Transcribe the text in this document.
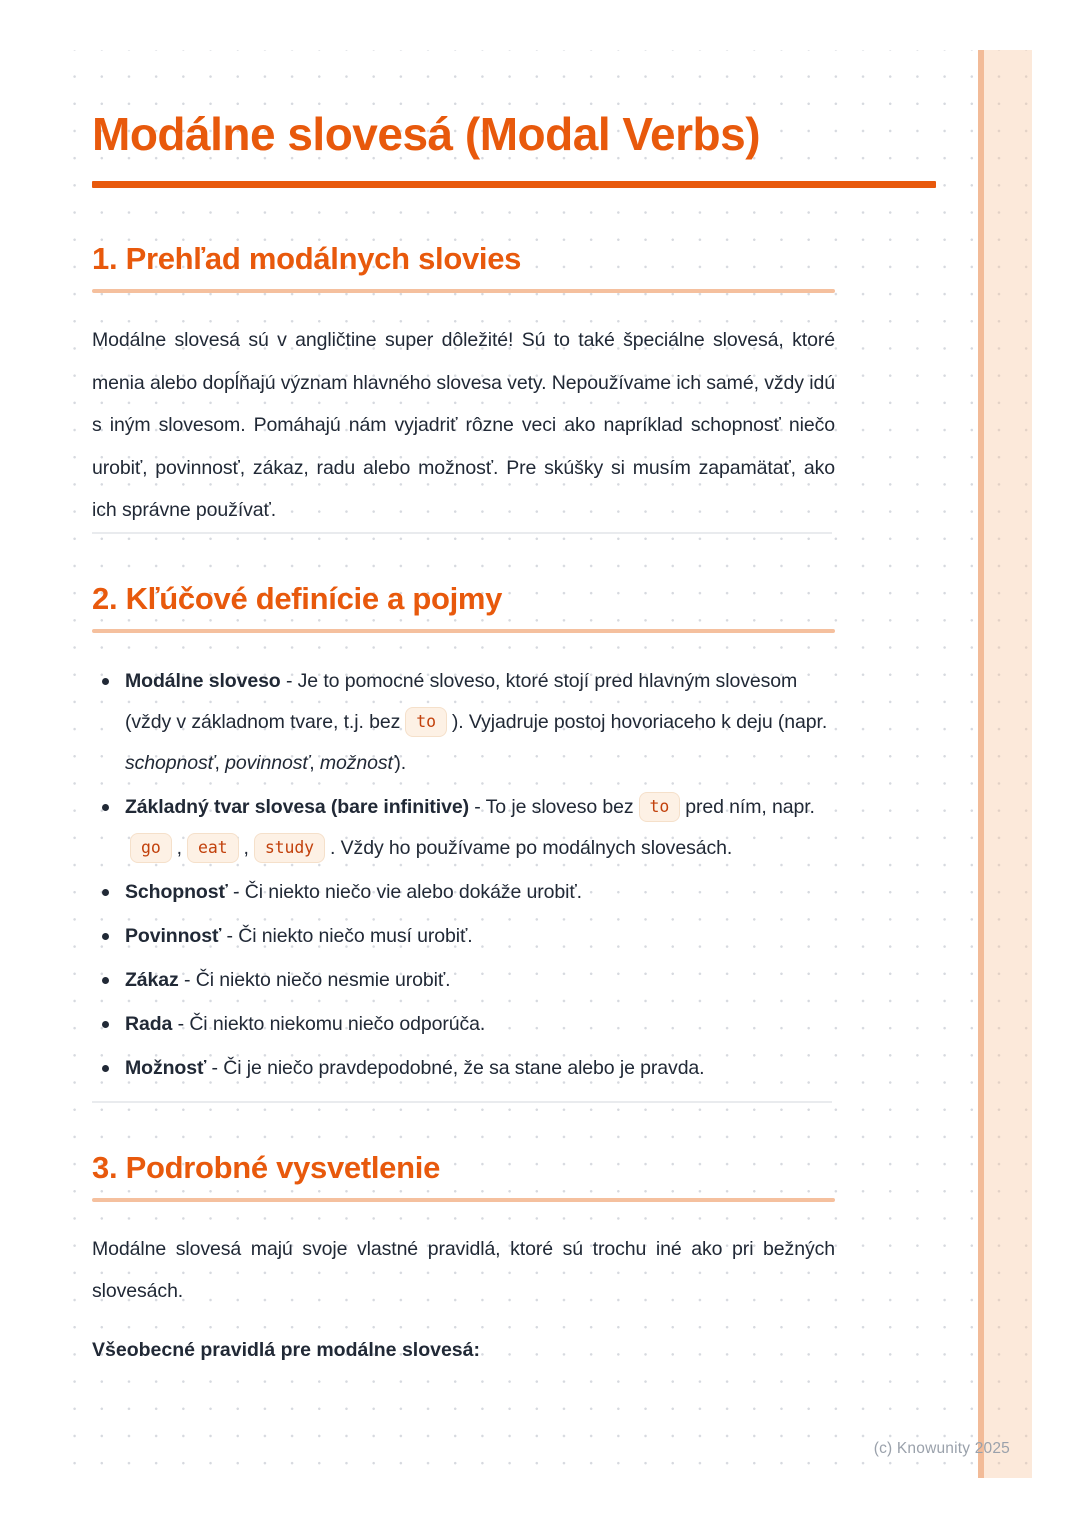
Modálne slovesá (Modal Verbs)
1. Prehľad modálnych slovies

Modálne slovesá sú v angličtine super dôležité! Sú to také špeciálne slovesá, ktoré menia alebo dopĺňajú význam hlavného slovesa vety. Nepoužívame ich samé, vždy idú s iným slovesom. Pomáhajú nám vyjadriť rôzne veci ako napríklad schopnosť niečo urobiť, povinnosť, zákaz, radu alebo možnosť. Pre skúšky si musím zapamätať, ako ich správne používať.

2. Kľúčové definície a pojmy
Modálne sloveso - Je to pomocné sloveso, ktoré stojí pred hlavným slovesom (vždy v základnom tvare, t.j. bez to ). Vyjadruje postoj hovoriaceho k deju (napr. schopnosť, povinnosť, možnosť).
Základný tvar slovesa (bare infinitive) - To je sloveso bez to pred ním, napr.go , eat , study . Vždy ho používame po modálnych slovesách.
Schopnosť - Či niekto niečo vie alebo dokáže urobiť.
Povinnosť - Či niekto niečo musí urobiť.
Zákaz - Či niekto niečo nesmie urobiť.
Rada - Či niekto niekomu niečo odporúča.
Možnosť - Či je niečo pravdepodobné, že sa stane alebo je pravda.
3. Podrobné vysvetlenie

Modálne slovesá majú svoje vlastné pravidlá, ktoré sú trochu iné ako pri bežných slovesách.

Všeobecné pravidlá pre modálne slovesá:

(c) Knowunity 2025
